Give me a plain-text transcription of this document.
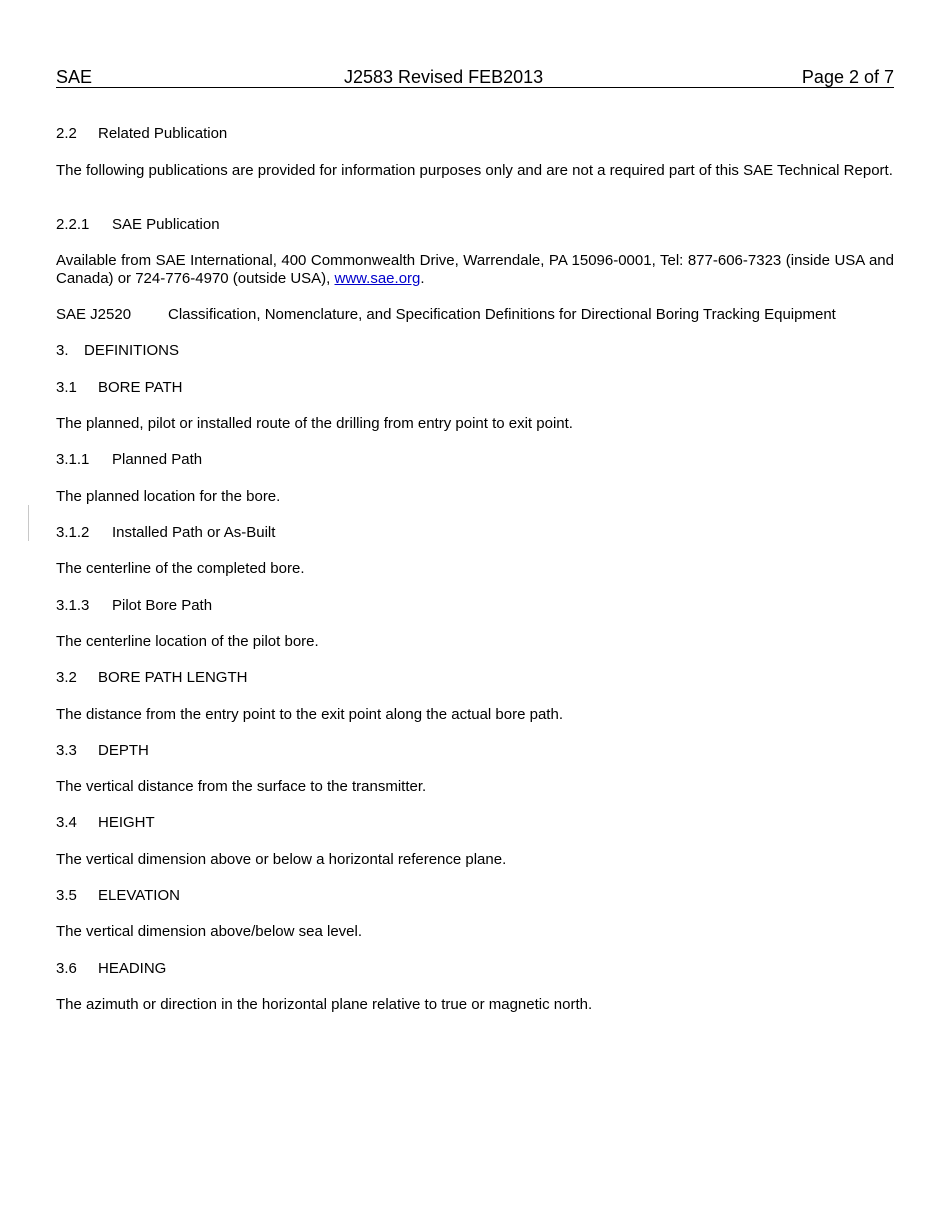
SAE	J2583 Revised FEB2013	Page 2 of 7
2.2 Related Publication

The following publications are provided for information purposes only and are not a required part of this SAE Technical Report.

2.2.1 SAE Publication

Available from SAE International, 400 Commonwealth Drive, Warrendale, PA 15096-0001, Tel: 877-606-7323 (inside USA and Canada) or 724-776-4970 (outside USA), www.sae.org.

SAE J2520 Classification, Nomenclature, and Specification Definitions for Directional Boring Tracking Equipment
3. DEFINITIONS
3.1 BORE PATH

The planned, pilot or installed route of the drilling from entry point to exit point.

3.1.1 Planned Path

The planned location for the bore.

3.1.2 Installed Path or As-Built

The centerline of the completed bore.

3.1.3 Pilot Bore Path

The centerline location of the pilot bore.

3.2 BORE PATH LENGTH

The distance from the entry point to the exit point along the actual bore path.

3.3 DEPTH

The vertical distance from the surface to the transmitter.

3.4 HEIGHT

The vertical dimension above or below a horizontal reference plane.

3.5 ELEVATION

The vertical dimension above/below sea level.

3.6 HEADING

The azimuth or direction in the horizontal plane relative to true or magnetic north.
